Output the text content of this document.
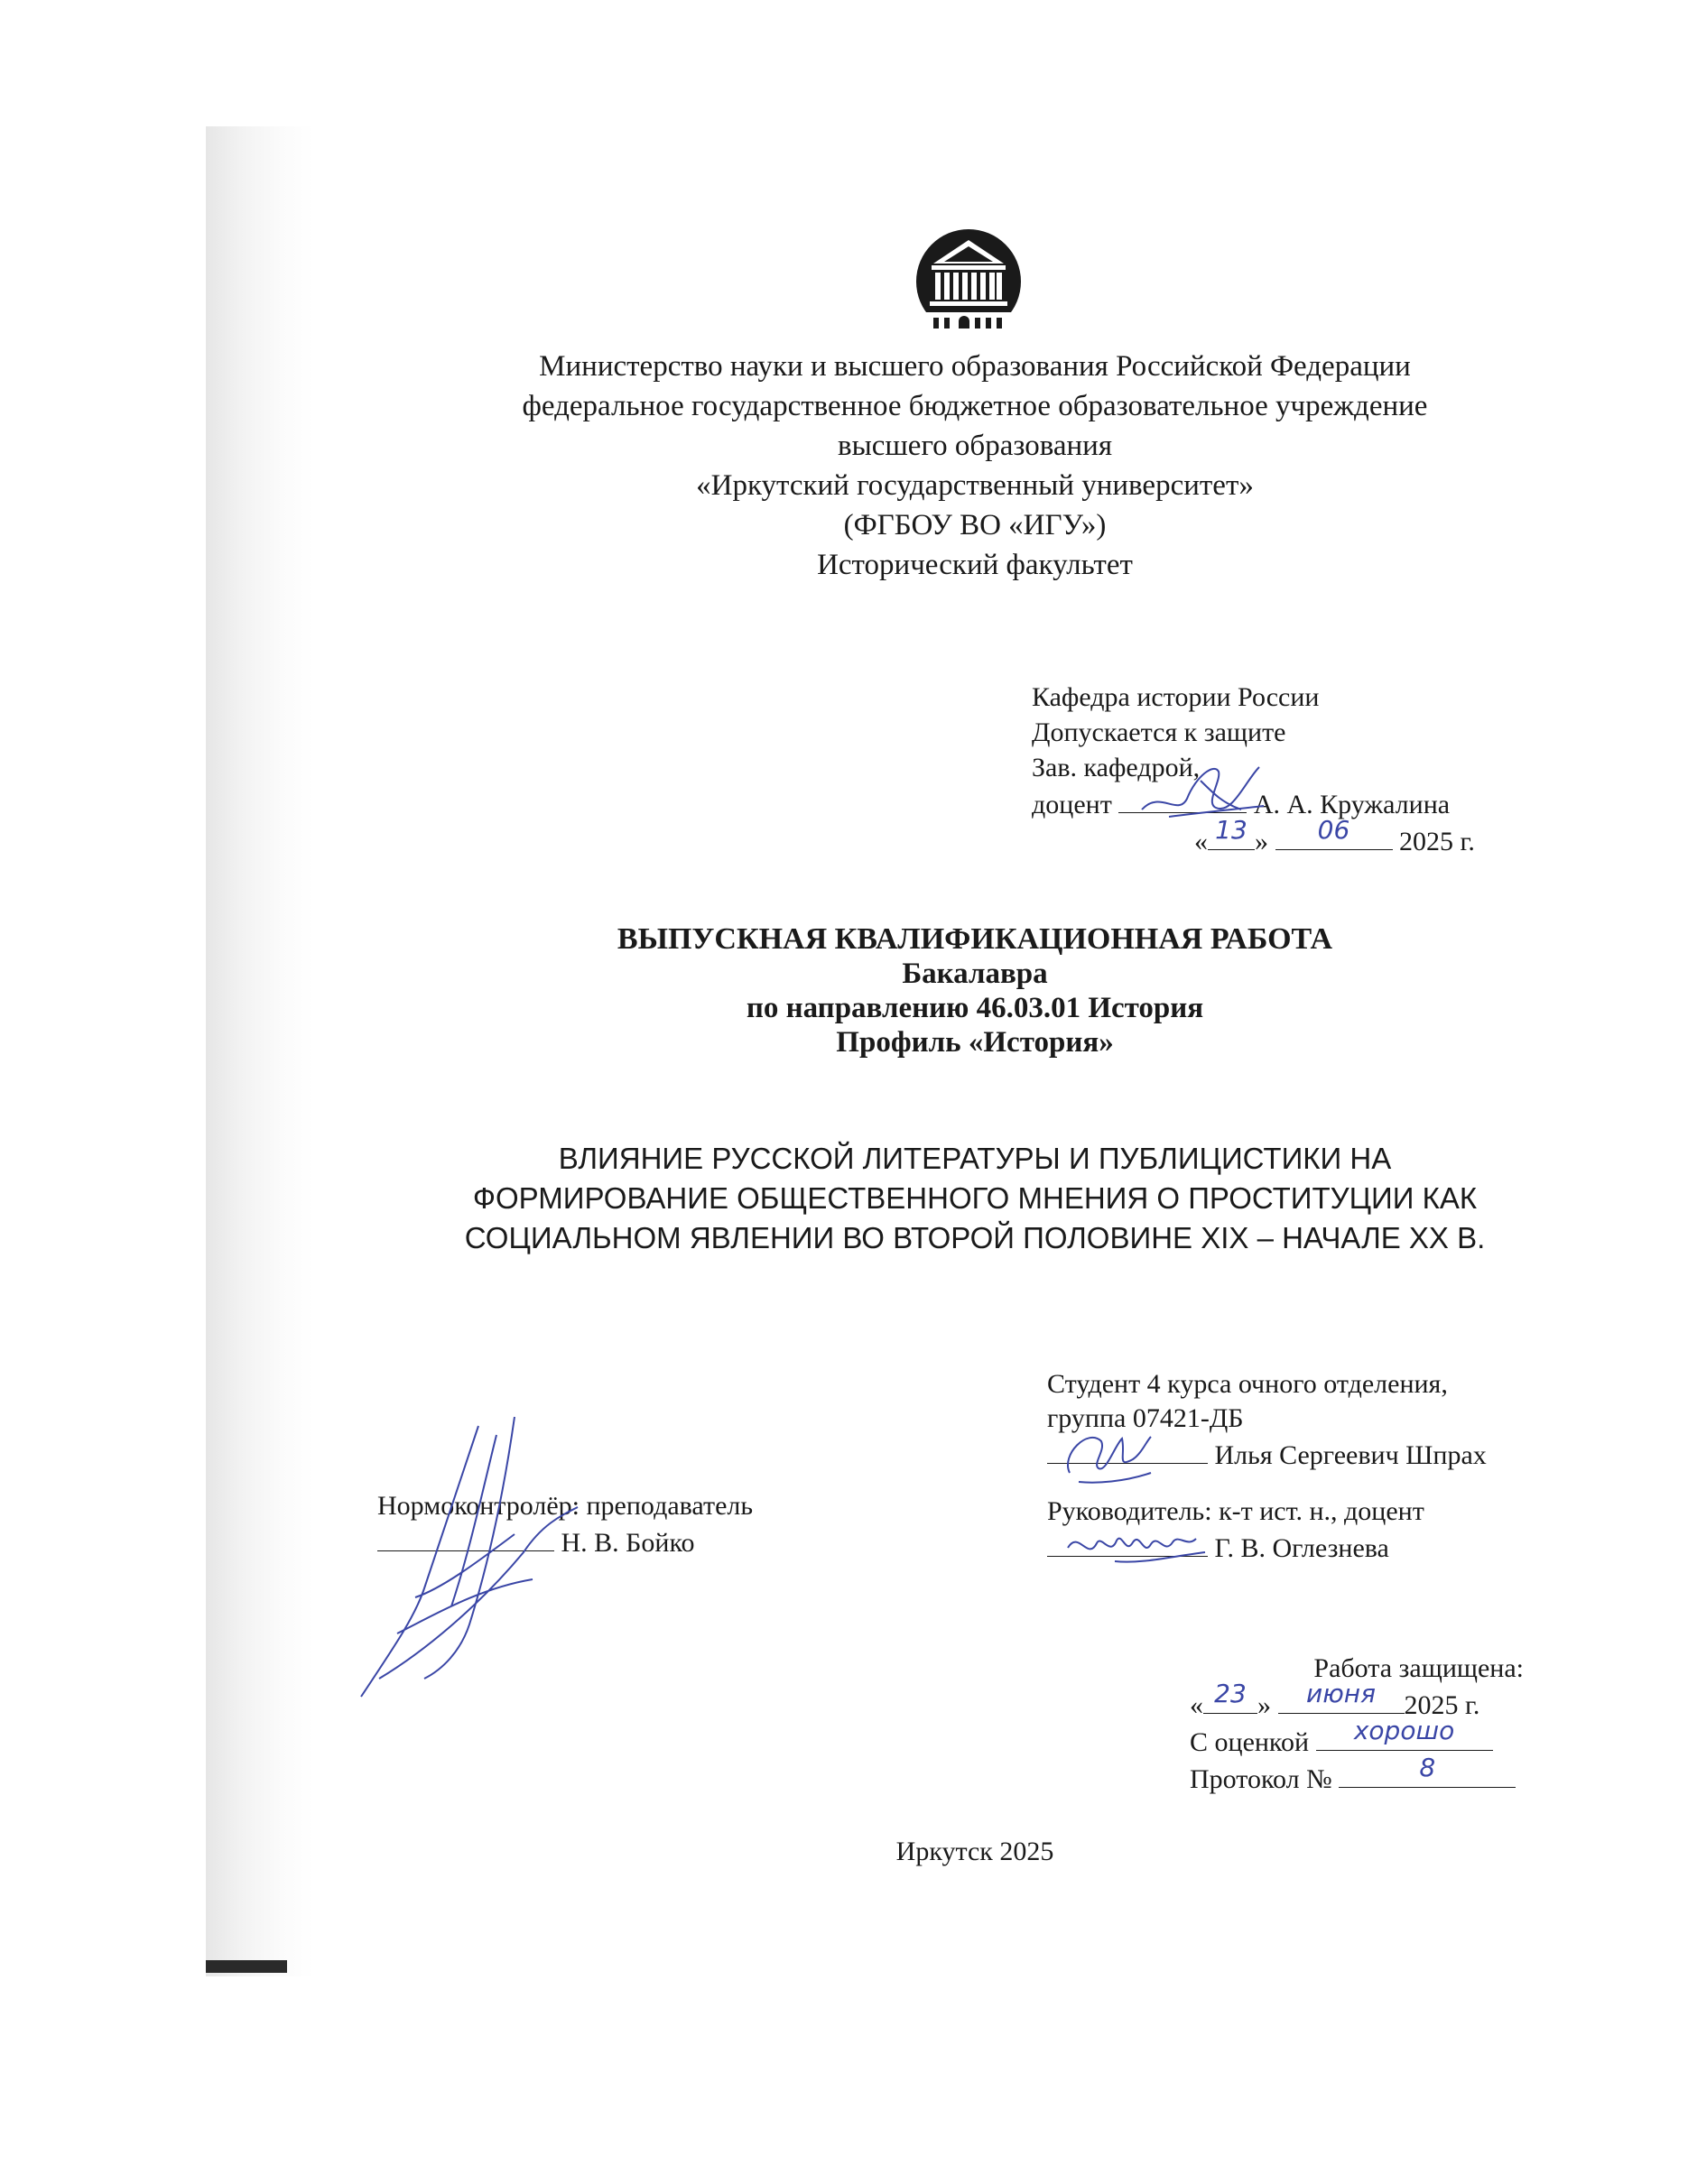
Министерство науки и высшего образования Российской Федерации
федеральное государственное бюджетное образовательное учреждение
высшего образования
«Иркутский государственный университет»
(ФГБОУ ВО «ИГУ»)
Исторический факультет
Кафедра истории России
Допускается к защите
Зав. кафедрой,
доцент	А. А. Кружалина
« 13 »	06	2025 г.
ВЫПУСКНАЯ КВАЛИФИКАЦИОННАЯ РАБОТА
Бакалавра
по направлению 46.03.01 История
Профиль «История»
ВЛИЯНИЕ РУССКОЙ ЛИТЕРАТУРЫ И ПУБЛИЦИСТИКИ НА
ФОРМИРОВАНИЕ ОБЩЕСТВЕННОГО МНЕНИЯ О ПРОСТИТУЦИИ КАК
СОЦИАЛЬНОМ ЯВЛЕНИИ ВО ВТОРОЙ ПОЛОВИНЕ XIX – НАЧАЛЕ XX В.
Студент 4 курса очного отделения,
группа 07421-ДБ
Илья Сергеевич Шпрах
Руководитель: к-т ист. н., доцент
Г. В. Оглезнева
Нормоконтролёр: преподаватель
Н. В. Бойко
Работа защищена:
« 23 »	июня	2025 г.
С оценкой	хорошо
Протокол №	8
Иркутск 2025
